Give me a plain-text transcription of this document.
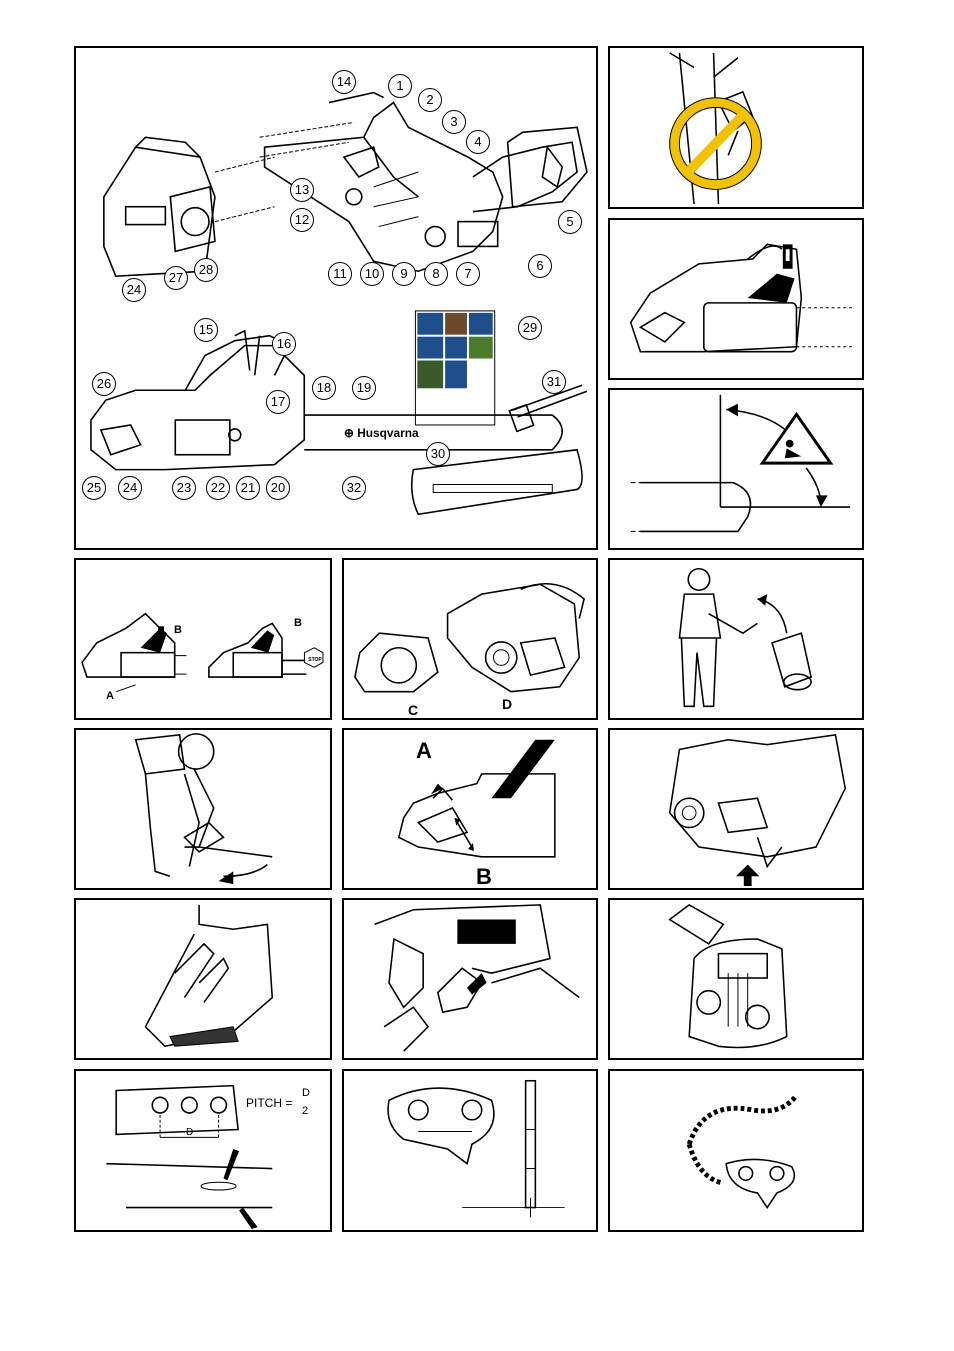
⊕ Husqvarna
14	1
2
3
4
13
12	5
24
27
28	11	10	9	8	7
6
15
16
29
26	18	19	31
17
30
25	24	23	22	21	20	32
B
A
B
STOP
C	D
A
B
PITCH =
D
2
D
